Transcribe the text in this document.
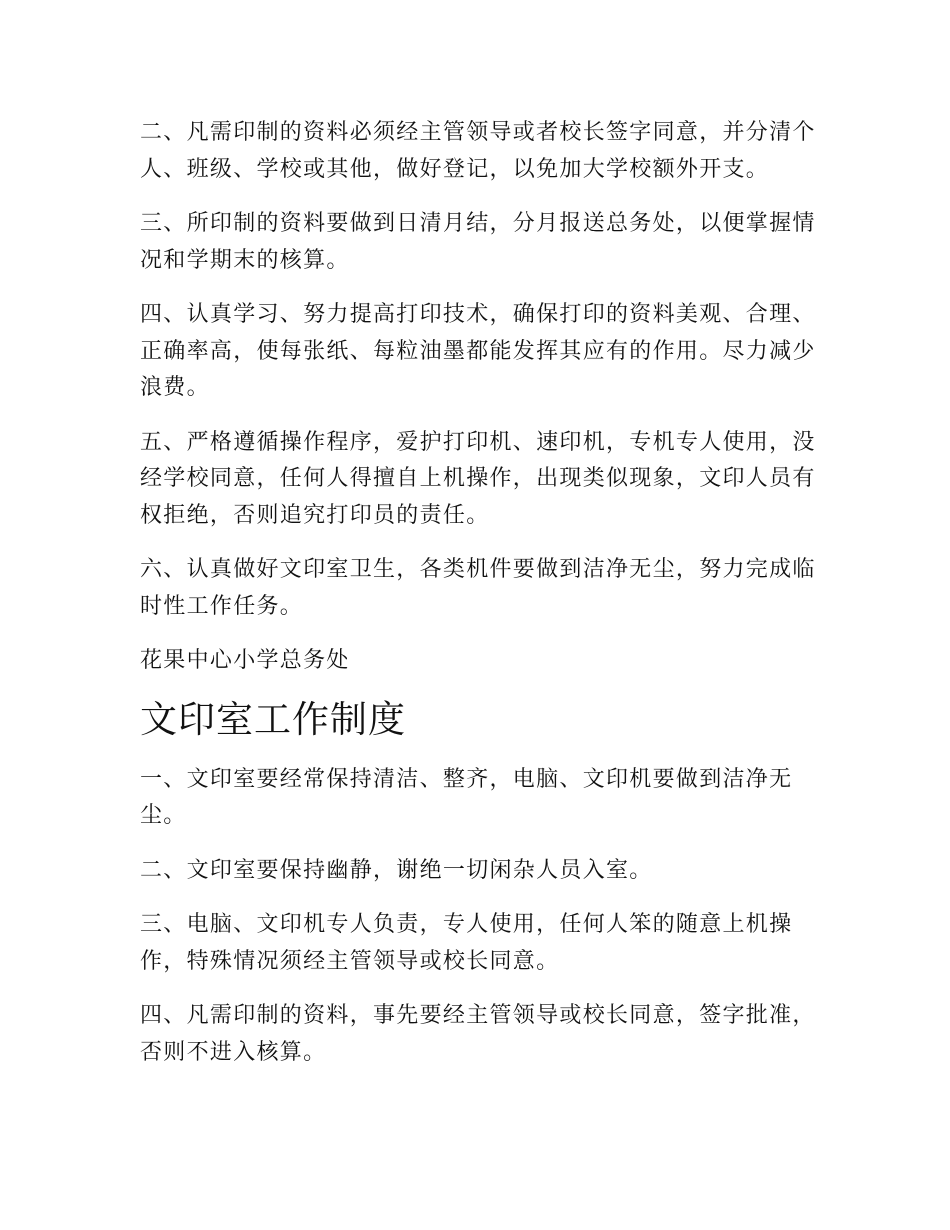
二、凡需印制的资料必须经主管领导或者校长签字同意，并分清个人、班级、学校或其他，做好登记，以免加大学校额外开支。

三、所印制的资料要做到日清月结，分月报送总务处，以便掌握情况和学期末的核算。

四、认真学习、努力提高打印技术，确保打印的资料美观、合理、正确率高，使每张纸、每粒油墨都能发挥其应有的作用。尽力减少浪费。

五、严格遵循操作程序，爱护打印机、速印机，专机专人使用，没经学校同意，任何人得擅自上机操作，出现类似现象，文印人员有权拒绝，否则追究打印员的责任。

六、认真做好文印室卫生，各类机件要做到洁净无尘，努力完成临时性工作任务。

花果中心小学总务处

文印室工作制度

一、文印室要经常保持清洁、整齐，电脑、文印机要做到洁净无尘。

二、文印室要保持幽静，谢绝一切闲杂人员入室。

三、电脑、文印机专人负责，专人使用，任何人笨的随意上机操作，特殊情况须经主管领导或校长同意。

四、凡需印制的资料，事先要经主管领导或校长同意，签字批准，否则不进入核算。
